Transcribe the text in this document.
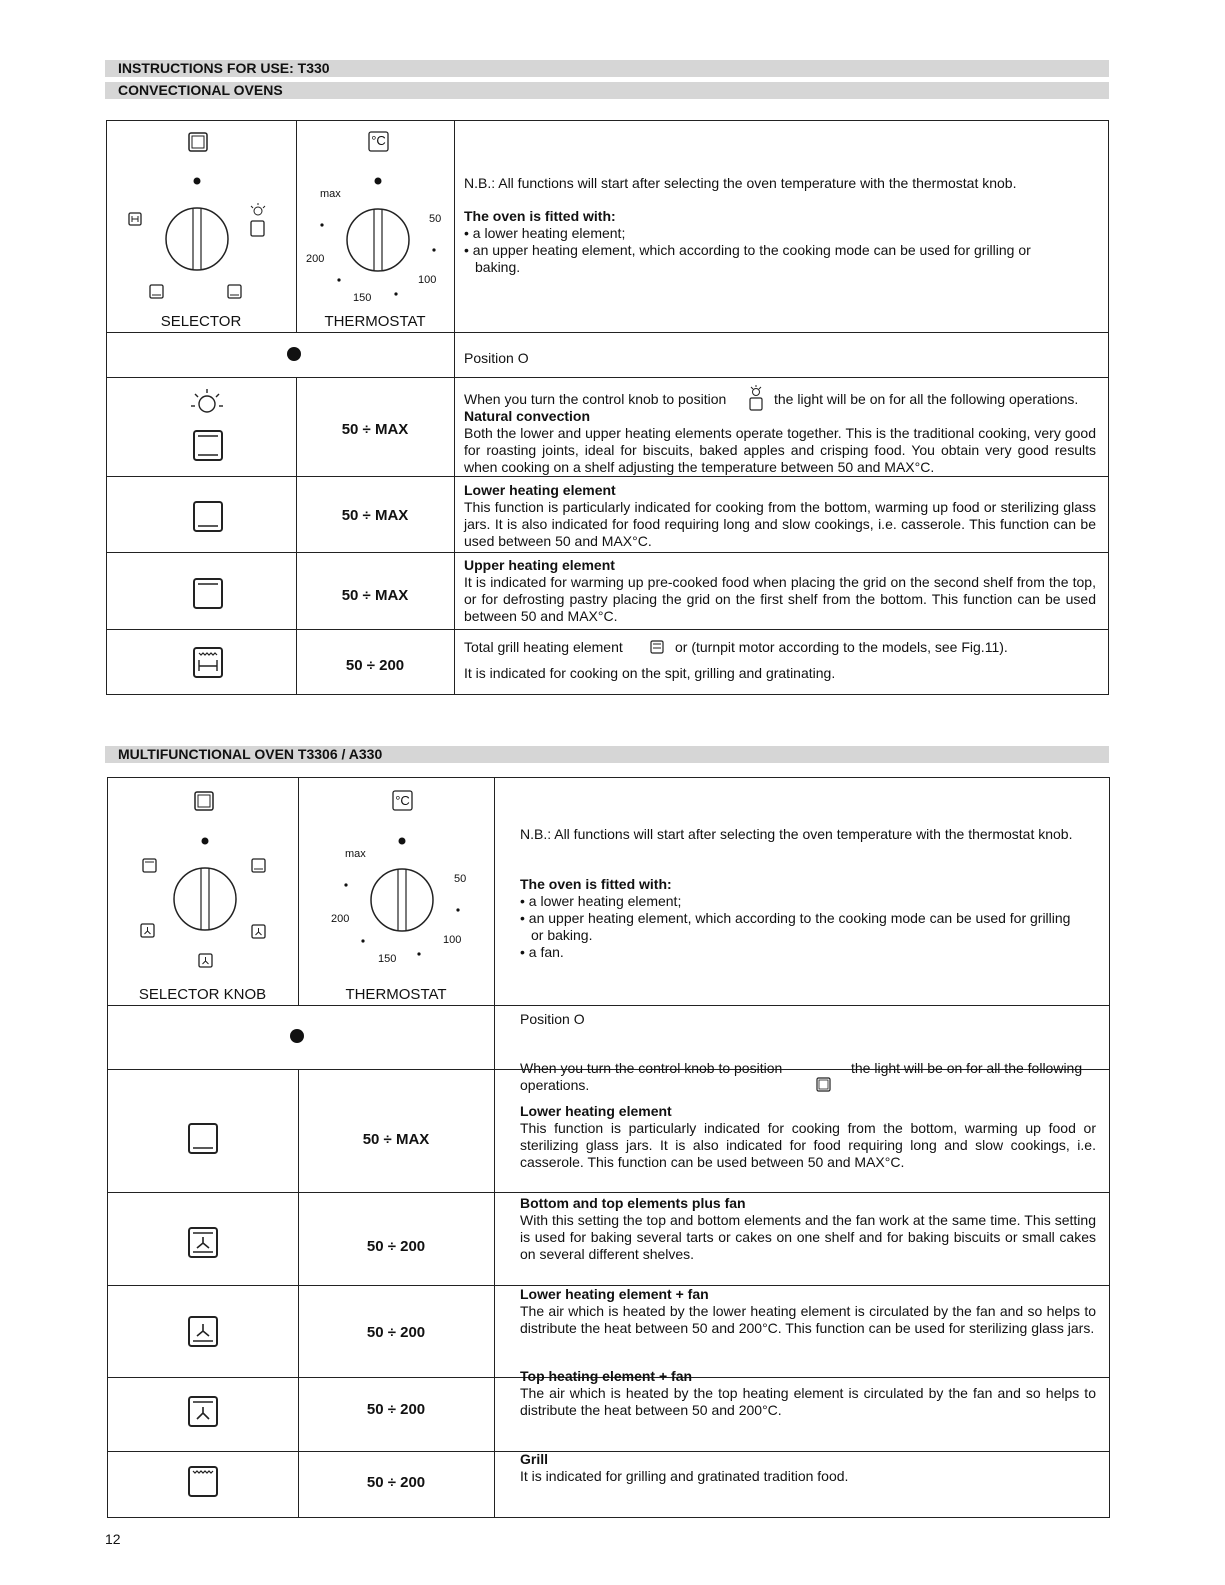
INSTRUCTIONS FOR USE: T330
CONVECTIONAL OVENS
SELECTOR
°C
max
50
200
100
150
THERMOSTAT
N.B.: All functions will start after selecting the oven temperature with the thermostat knob.
The oven is fitted with:
• a lower heating element;
• an upper heating element, which according to the cooking mode can be used for grilling or
baking.
Position O
50 ÷ MAX
When you turn the control knob to position	the light will be on for all the following operations.
Natural convection
Both the lower and upper heating elements operate together. This is the traditional cooking, very good for roasting joints, ideal for biscuits, baked apples and crisping food. You obtain very good results when cooking on a shelf adjusting the temperature between 50 and MAX°C.
50 ÷ MAX
Lower heating element
This function is particularly indicated for cooking from the bottom, warming up food or sterilizing glass jars. It is also indicated for food requiring long and slow cookings, i.e. casserole. This function can be used between 50 and MAX°C.
50 ÷ MAX
Upper heating element
It is indicated for warming up pre-cooked food when placing the grid on the second shelf from the top, or for defrosting pastry placing the grid on the first shelf from the bottom. This function can be used between 50 and MAX°C.
50 ÷ 200
Total grill heating element	or (turnpit motor according to the models, see Fig.11).
It is indicated for cooking on the spit, grilling and gratinating.
MULTIFUNCTIONAL OVEN T3306 / A330
SELECTOR KNOB
°C
max
50
200
100
150
THERMOSTAT
N.B.: All functions will start after selecting the oven temperature with the thermostat knob.
The oven is fitted with:
• a lower heating element;
• an upper heating element, which according to the cooking mode can be used for grilling
or baking.
• a fan.
Position O
When you turn the control knob to position	the light will be on for all the following
operations.
50 ÷ MAX
Lower heating element
This function is particularly indicated for cooking from the bottom, warming up food or sterilizing glass jars. It is also indicated for food requiring long and slow cookings, i.e. casserole. This function can be used between 50 and MAX°C.
50 ÷ 200
Bottom and top elements plus fan
With this setting the top and bottom elements and the fan work at the same time. This setting is used for baking several tarts or cakes on one shelf and for baking biscuits or small cakes on several different shelves.
50 ÷ 200
Lower heating element + fan
The air which is heated by the lower heating element is circulated by the fan and so helps to distribute the heat between 50 and 200°C. This function can be used for sterilizing glass jars.
50 ÷ 200
Top heating element + fan
The air which is heated by the top heating element is circulated by the fan and so helps to distribute the heat between 50 and 200°C.
50 ÷ 200
Grill
It is indicated for grilling and gratinated tradition food.
12
